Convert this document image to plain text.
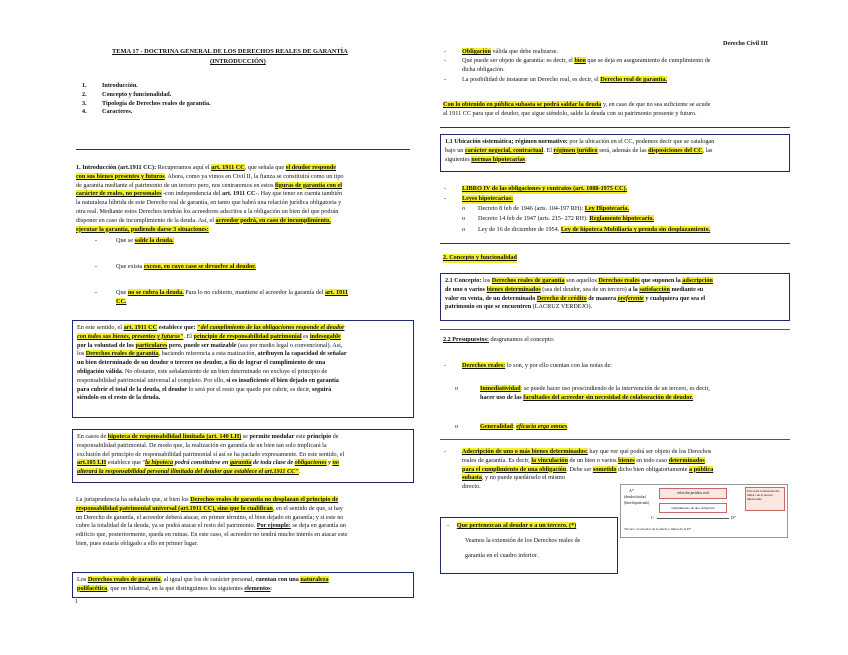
Derecho Civil III
TEMA 17 - DOCTRINA GENERAL DE LOS DERECHOS REALES DE GARANTÍA
(INTRODUCCIÓN)
1. Introducción.
2. Concepto y funcionalidad.
3. Tipología de Derechos reales de garantía.
4. Caracteres.
1. Introducción (art.1911 CC): Recuperamos aquí el art. 1911 CC, que señala que el deudor responde
con sus bienes presentes y futuros. Ahora, como ya vimos en Civil II, la fianza se constituirá como un tipo
de garantía mediante el patrimonio de un tercero pero, nos centraremos en estos figuras de garantía con el
carácter de reales, no personales -con independencia del art. 1911 CC-. Hay que tener en cuenta también
la naturaleza híbrida de este Derecho real de garantía, en tanto que habrá una relación jurídica obligatoria y
otra real. Mediante estos Derechos tendrán los acreedores adscritos a la obligación un bien del que podrán
disponer en caso de incumplimiento de la deuda. Así, el acreedor podrá, en caso de incumplimiento,
ejecutar la garantía, pudiendo darse 3 situaciones:
-	Que se salde la deuda.
-	Que exista exceso, en cuyo caso se devuelve al deudor.
-	Que no se cubra la deuda. Para lo no cubierto, mantiene el acreedor la garantía del art. 1911
CC.
En este sentido, el art. 1911 CC establece que: "del cumplimiento de las obligaciones responde el deudor
con todos sus bienes, presentes y futuros". El principio de responsabilidad patrimonial es indesogable
por la voluntad de los particulares pero, puede ser matizable (sea por medio legal o convencional). Así,
los Derechos reales de garantía, haciendo referencia a esta matización, atribuyen la capacidad de señalar
un bien determinado de un deudor o tercero no deudor, a fin de lograr el cumplimiento de una
obligación válida. No obstante, este señalamiento de un bien determinado no excluye el principio de
responsabilidad patrimonial universal al completo. Por ello, si es insuficiente el bien dejado en garantía
para cubrir el total de la deuda, el deudor lo será por el resto que quede por cubrir, es decir, seguirá
siéndolo en el resto de la deuda.
En casos de hipoteca de responsabilidad limitada (art. 140 LH) se permite modular este principio de
responsabilidad patrimonial. De modo que, la realización en garantía de un bien tan solo implicará la
exclusión del principio de responsabilidad patrimonial sí así se ha pactado expresamente. En este sentido, el
art.105 LH establece que "la hipoteca podrá constituirse en garantía de toda clase de obligaciones y no
alterará la responsabilidad personal ilimitada del deudor que establece el art.1911 CC".
La jurisprudencia ha señalado que, si bien los Derechos reales de garantía no desplazan el principio de
responsabilidad patrimonial universal (art.1911 CC), sino que lo cualifican, en el sentido de que, si hay
un Derecho de garantía, el acreedor deberá atacar, en primer término, el bien dejado en garantía; y si este no
cubre la totalidad de la deuda, ya se podrá atacar el resto del patrimonio. Por ejemplo: se deja en garantía un
edificio que, posteriormente, queda en ruinas. En este caso, el acreedor no tendrá mucho interés en atacar este
bien, pues estaría obligado a ello en primer lugar.
Los Derechos reales de garantía, al igual que los de carácter personal, cuentan con una naturaleza
polifacética, que no bilateral, en la que distinguimos los siguientes elementos:
1
-	Obligación válida que debe realizarse.
-	Qué puede ser objeto de garantía: es decir, el bien que se deja en aseguramiento de cumplimiento de
dicha obligación.
-	La posibilidad de instaurar un Derecho real, es decir, el Derecho real de garantía.
Con lo obtenido en pública subasta se podrá saldar la deuda y, en caso de que no sea suficiente se acude
al 1911 CC para que el deudor, que sigue siéndolo, salde la deuda con su patrimonio presente y futuro.
1.1 Ubicación sistemática; régimen normativo: por la ubicación en el CC, podemos decir que se catalogan
bajo un carácter negocial, contractual. El régimen jurídico será, además de las disposiciones del CC, las
siguientes normas hipotecarias:
-	LIBRO IV de las obligaciones y contratos (art. 1088-1975 CC).
-	Leyes hipotecarias:
o Decreto 8 feb de 1946 (arts. 104-197 RH): Ley Hipotecaria.
o Decreto 14 feb de 1947 (arts. 215- 272 RH): Reglamento hipotecario.
o Ley de 16 de diciembre de 1954. Ley de hipoteca Mobiliaria y prenda sin desplazamiento.
2. Concepto y funcionalidad
2.1 Concepto: los Derechos reales de garantía son aquellos Derechos reales que suponen la adscripción
de uno o varios bienes determinados (sea del deudor, sea de un tercero) a la satisfacción mediante su
valor en venta, de un determinado Derecho de crédito de manera preferente y cualquiera que sea el
patrimonio en que se encuentren (LACRUZ VERDEJO).
2.2 Presupuestos: desgranamos el concepto:
-	Derechos reales: lo son, y por ello cuentan con las notas de:
o	Inmediatividad: se puede hacer uso prescindiendo de la intervención de un tercero, es decir,
hacer uso de las facultades del acreedor sin necesidad de colaboración de deudor.
o	Generalidad: eficacia erga omnes.
-	Adscripción de uno o más bienes determinados: hay que ver qué podrá ser objeto de los Derechos
reales de garantía. Es decir, la vinculación de un bien o varios bienes en todo caso determinados
para el cumplimiento de una obligación. Debe ser sometido dicho bien obligatoriamente a pública
subasta, y no puede quedárselo el mismo
directo.
A*
(deudor/titular)
(bien hipotecado)
relación jurídica real
cumplimiento de una obligación
C	D*
Este sería la situación del titular con el tercero hipotecante
Tercero: el acreedor de la deuda y titular de la D*
-     Que pertenezcan al deudor o a un tercero. (*)
Veamos la extensión de los Derechos reales de
garantía en el cuadro inferior.
